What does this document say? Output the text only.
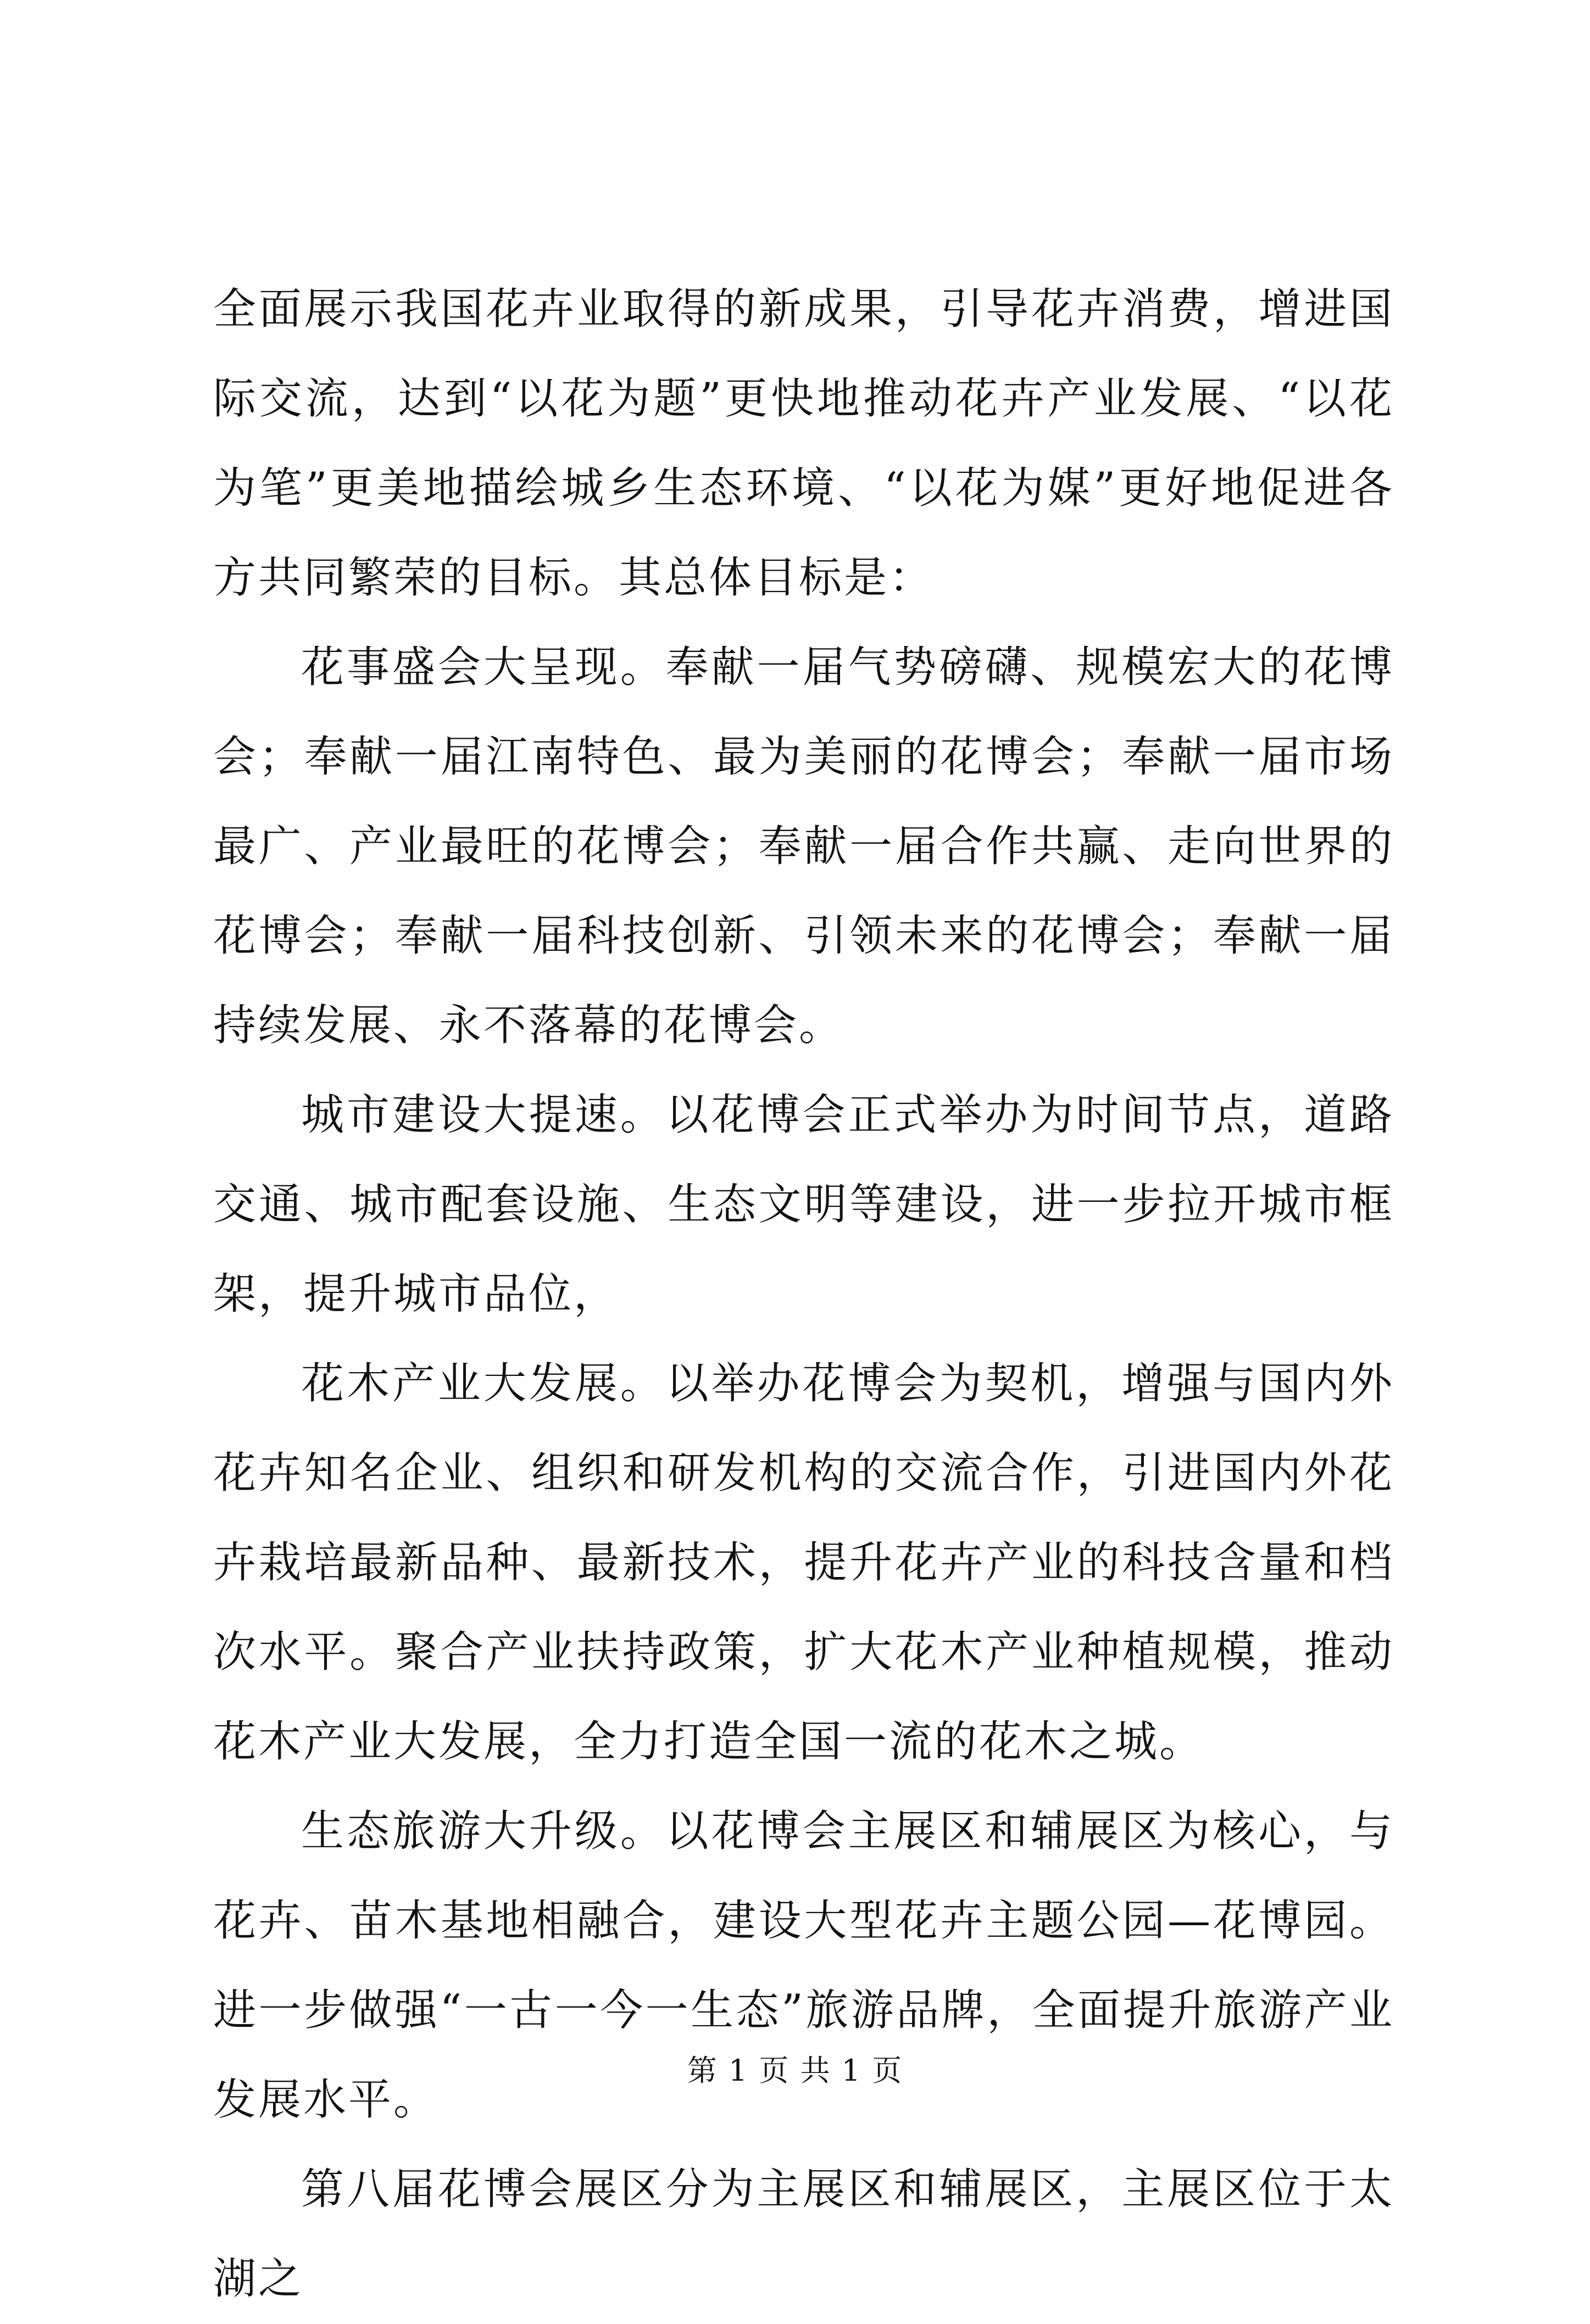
全面展示我国花卉业取得的新成果，引导花卉消费，增进国际交流，达到“以花为题”更快地推动花卉产业发展、“以花为笔”更美地描绘城乡生态环境、“以花为媒”更好地促进各方共同繁荣的目标。其总体目标是：

花事盛会大呈现。奉献一届气势磅礴、规模宏大的花博会；奉献一届江南特色、最为美丽的花博会；奉献一届市场最广、产业最旺的花博会；奉献一届合作共赢、走向世界的花博会；奉献一届科技创新、引领未来的花博会；奉献一届持续发展、永不落幕的花博会。

城市建设大提速。以花博会正式举办为时间节点，道路交通、城市配套设施、生态文明等建设，进一步拉开城市框架，提升城市品位，

花木产业大发展。以举办花博会为契机，增强与国内外花卉知名企业、组织和研发机构的交流合作，引进国内外花卉栽培最新品种、最新技术，提升花卉产业的科技含量和档次水平。聚合产业扶持政策，扩大花木产业种植规模，推动花木产业大发展，全力打造全国一流的花木之城。

生态旅游大升级。以花博会主展区和辅展区为核心，与花卉、苗木基地相融合，建设大型花卉主题公园—花博园。进一步做强“一古一今一生态”旅游品牌，全面提升旅游产业发展水平。

第八届花博会展区分为主展区和辅展区，主展区位于太湖之

第 1 页 共 1 页
